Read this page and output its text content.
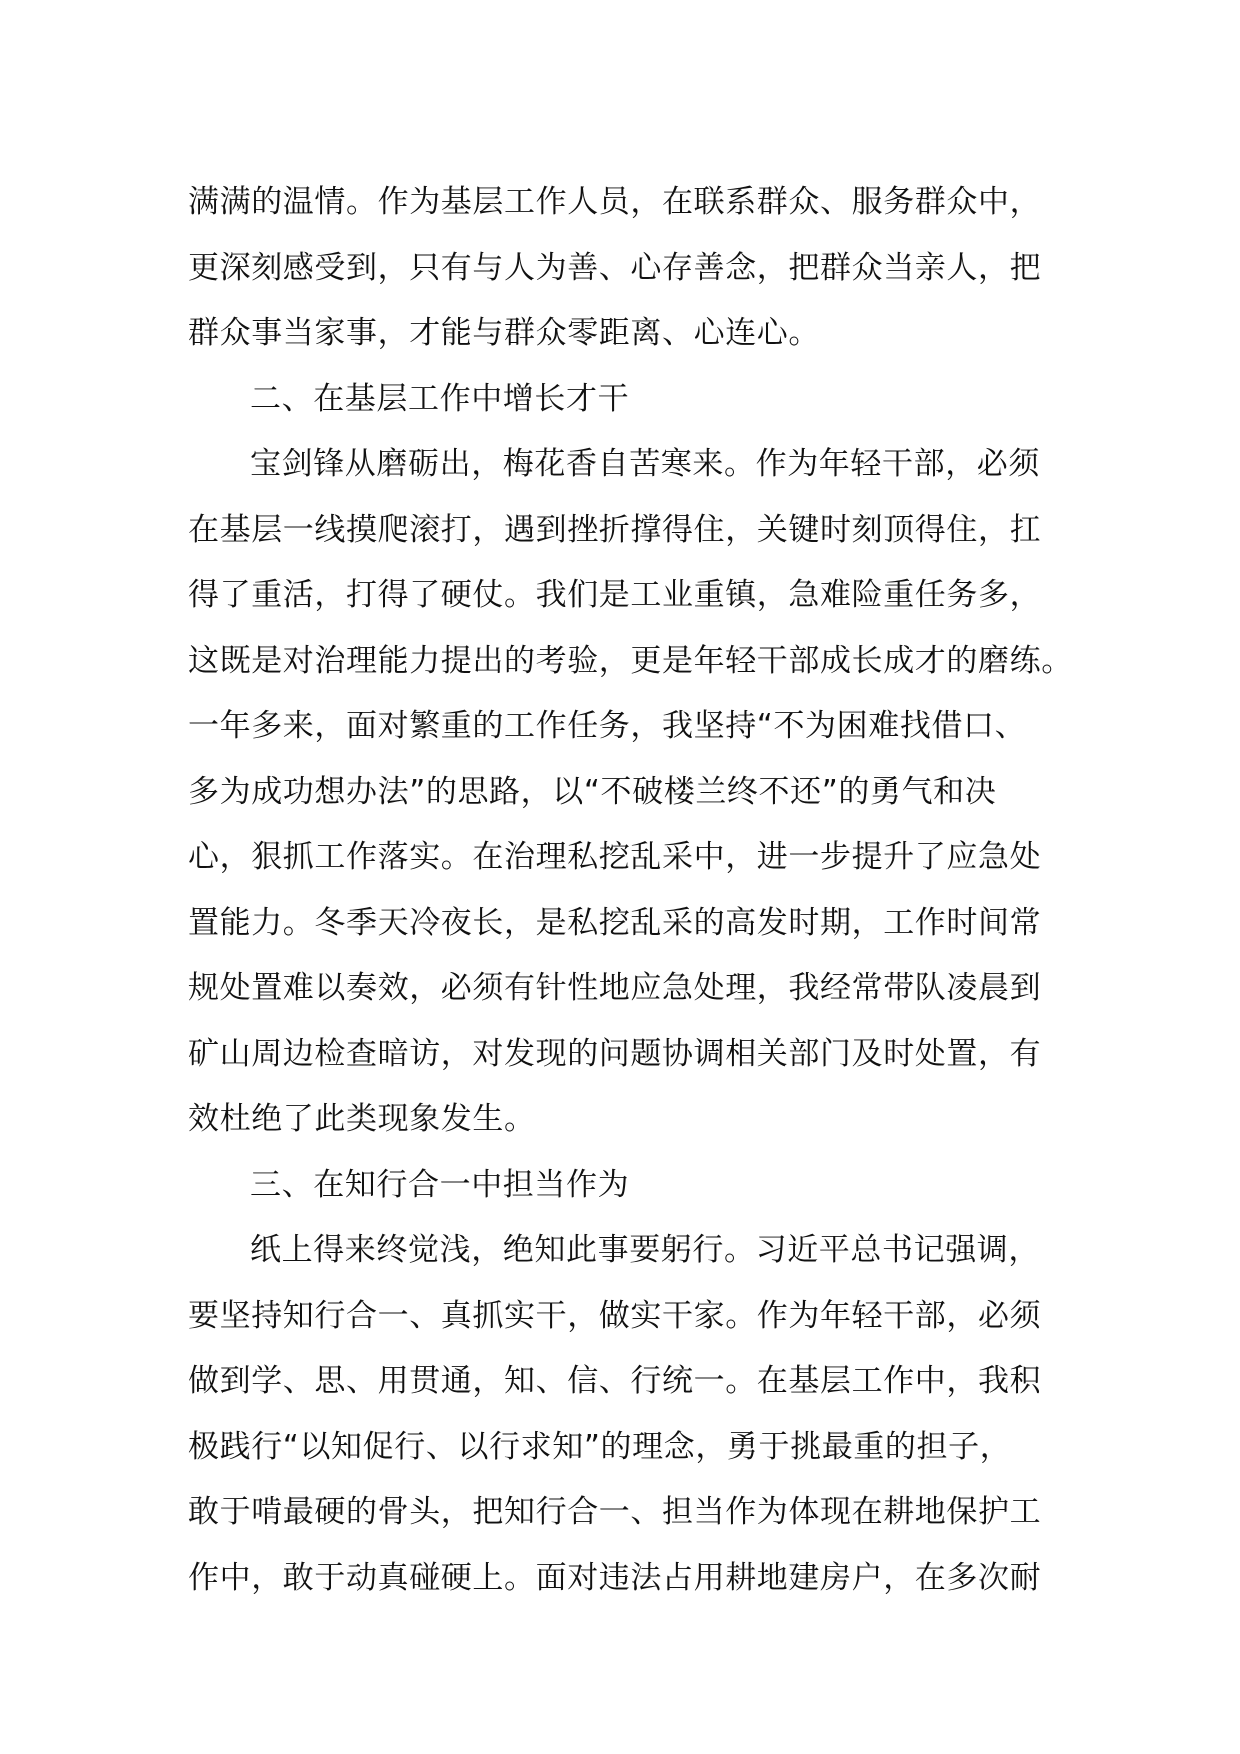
满满的温情。作为基层工作人员，在联系群众、服务群众中，
更深刻感受到，只有与人为善、心存善念，把群众当亲人，把
群众事当家事，才能与群众零距离、心连心。
二、在基层工作中增长才干
宝剑锋从磨砺出，梅花香自苦寒来。作为年轻干部，必须
在基层一线摸爬滚打，遇到挫折撑得住，关键时刻顶得住，扛
得了重活，打得了硬仗。我们是工业重镇，急难险重任务多，
这既是对治理能力提出的考验，更是年轻干部成长成才的磨练。
一年多来，面对繁重的工作任务，我坚持“不为困难找借口、
多为成功想办法”的思路，以“不破楼兰终不还”的勇气和决
心，狠抓工作落实。在治理私挖乱采中，进一步提升了应急处
置能力。冬季天冷夜长，是私挖乱采的高发时期，工作时间常
规处置难以奏效，必须有针性地应急处理，我经常带队凌晨到
矿山周边检查暗访，对发现的问题协调相关部门及时处置，有
效杜绝了此类现象发生。
三、在知行合一中担当作为
纸上得来终觉浅，绝知此事要躬行。习近平总书记强调，
要坚持知行合一、真抓实干，做实干家。作为年轻干部，必须
做到学、思、用贯通，知、信、行统一。在基层工作中，我积
极践行“以知促行、以行求知”的理念，勇于挑最重的担子，
敢于啃最硬的骨头，把知行合一、担当作为体现在耕地保护工
作中，敢于动真碰硬上。面对违法占用耕地建房户，在多次耐
